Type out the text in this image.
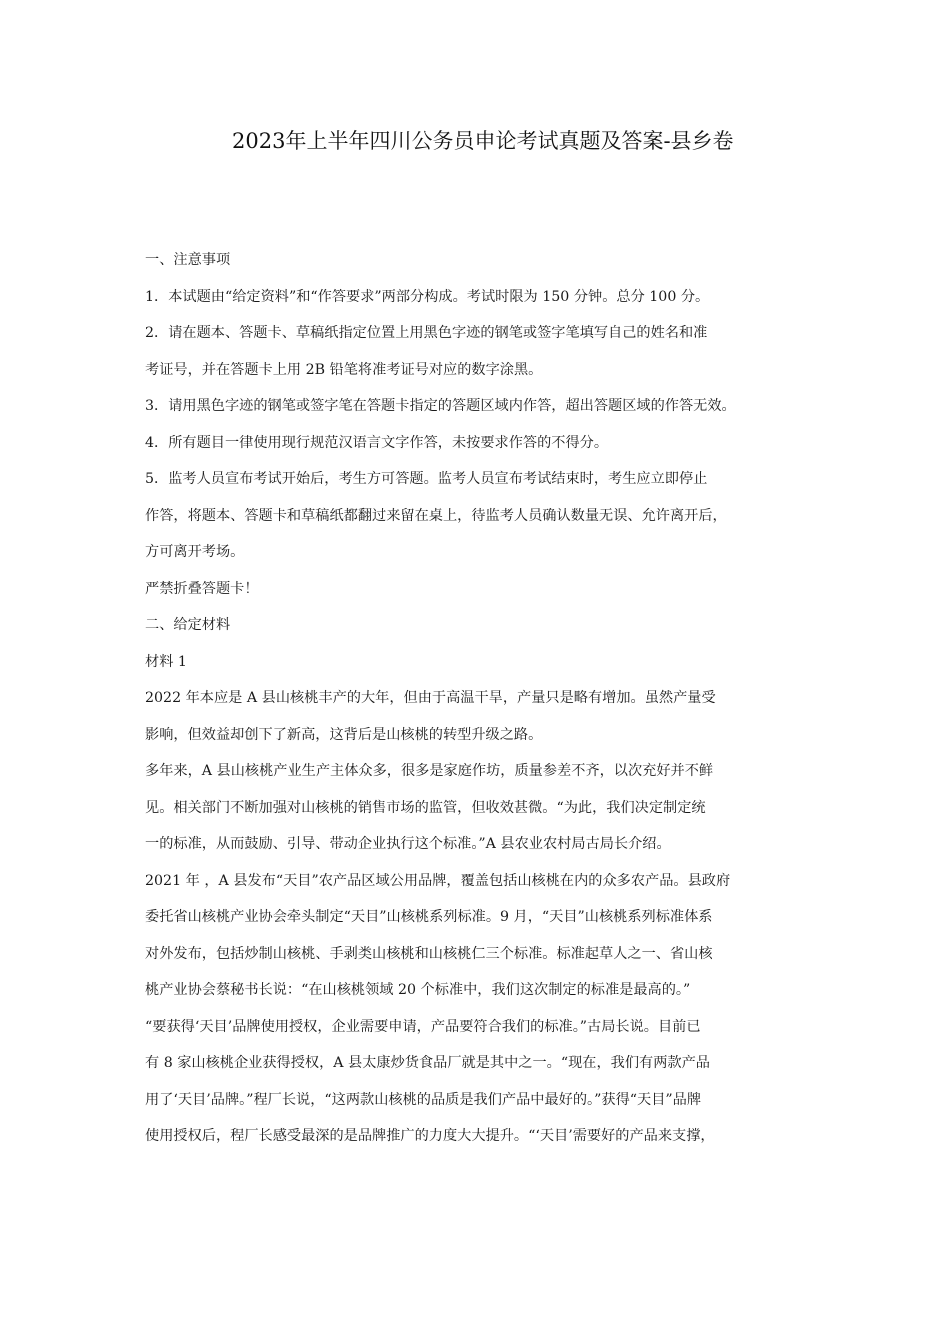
2023年上半年四川公务员申论考试真题及答案-县乡卷
一、注意事项
1．本试题由“给定资料”和“作答要求”两部分构成。考试时限为 150 分钟。总分 100 分。
2．请在题本、答题卡、草稿纸指定位置上用黑色字迹的钢笔或签字笔填写自己的姓名和准
考证号，并在答题卡上用 2B 铅笔将准考证号对应的数字涂黑。
3．请用黑色字迹的钢笔或签字笔在答题卡指定的答题区域内作答，超出答题区域的作答无效。
4．所有题目一律使用现行规范汉语言文字作答，未按要求作答的不得分。
5．监考人员宣布考试开始后，考生方可答题。监考人员宣布考试结束时，考生应立即停止
作答，将题本、答题卡和草稿纸都翻过来留在桌上，待监考人员确认数量无误、允许离开后，
方可离开考场。
严禁折叠答题卡！
二、给定材料
材料 1
2022 年本应是 A 县山核桃丰产的大年，但由于高温干旱，产量只是略有增加。虽然产量受
影响，但效益却创下了新高，这背后是山核桃的转型升级之路。
多年来，A 县山核桃产业生产主体众多，很多是家庭作坊，质量参差不齐，以次充好并不鲜
见。相关部门不断加强对山核桃的销售市场的监管，但收效甚微。“为此，我们决定制定统
一的标准，从而鼓励、引导、带动企业执行这个标准。”A 县农业农村局古局长介绍。
2021 年 ，A 县发布“天目”农产品区域公用品牌，覆盖包括山核桃在内的众多农产品。县政府
委托省山核桃产业协会牵头制定“天目”山核桃系列标准。9 月，“天目”山核桃系列标准体系
对外发布，包括炒制山核桃、手剥类山核桃和山核桃仁三个标准。标准起草人之一、省山核
桃产业协会蔡秘书长说：“在山核桃领域 20 个标准中，我们这次制定的标准是最高的。”
“要获得‘天目’品牌使用授权，企业需要申请，产品要符合我们的标准。”古局长说。目前已
有 8 家山核桃企业获得授权，A 县太康炒货食品厂就是其中之一。“现在，我们有两款产品
用了‘天目’品牌。”程厂长说，“这两款山核桃的品质是我们产品中最好的。”获得“天目”品牌
使用授权后，程厂长感受最深的是品牌推广的力度大大提升。“‘天目’需要好的产品来支撑，
